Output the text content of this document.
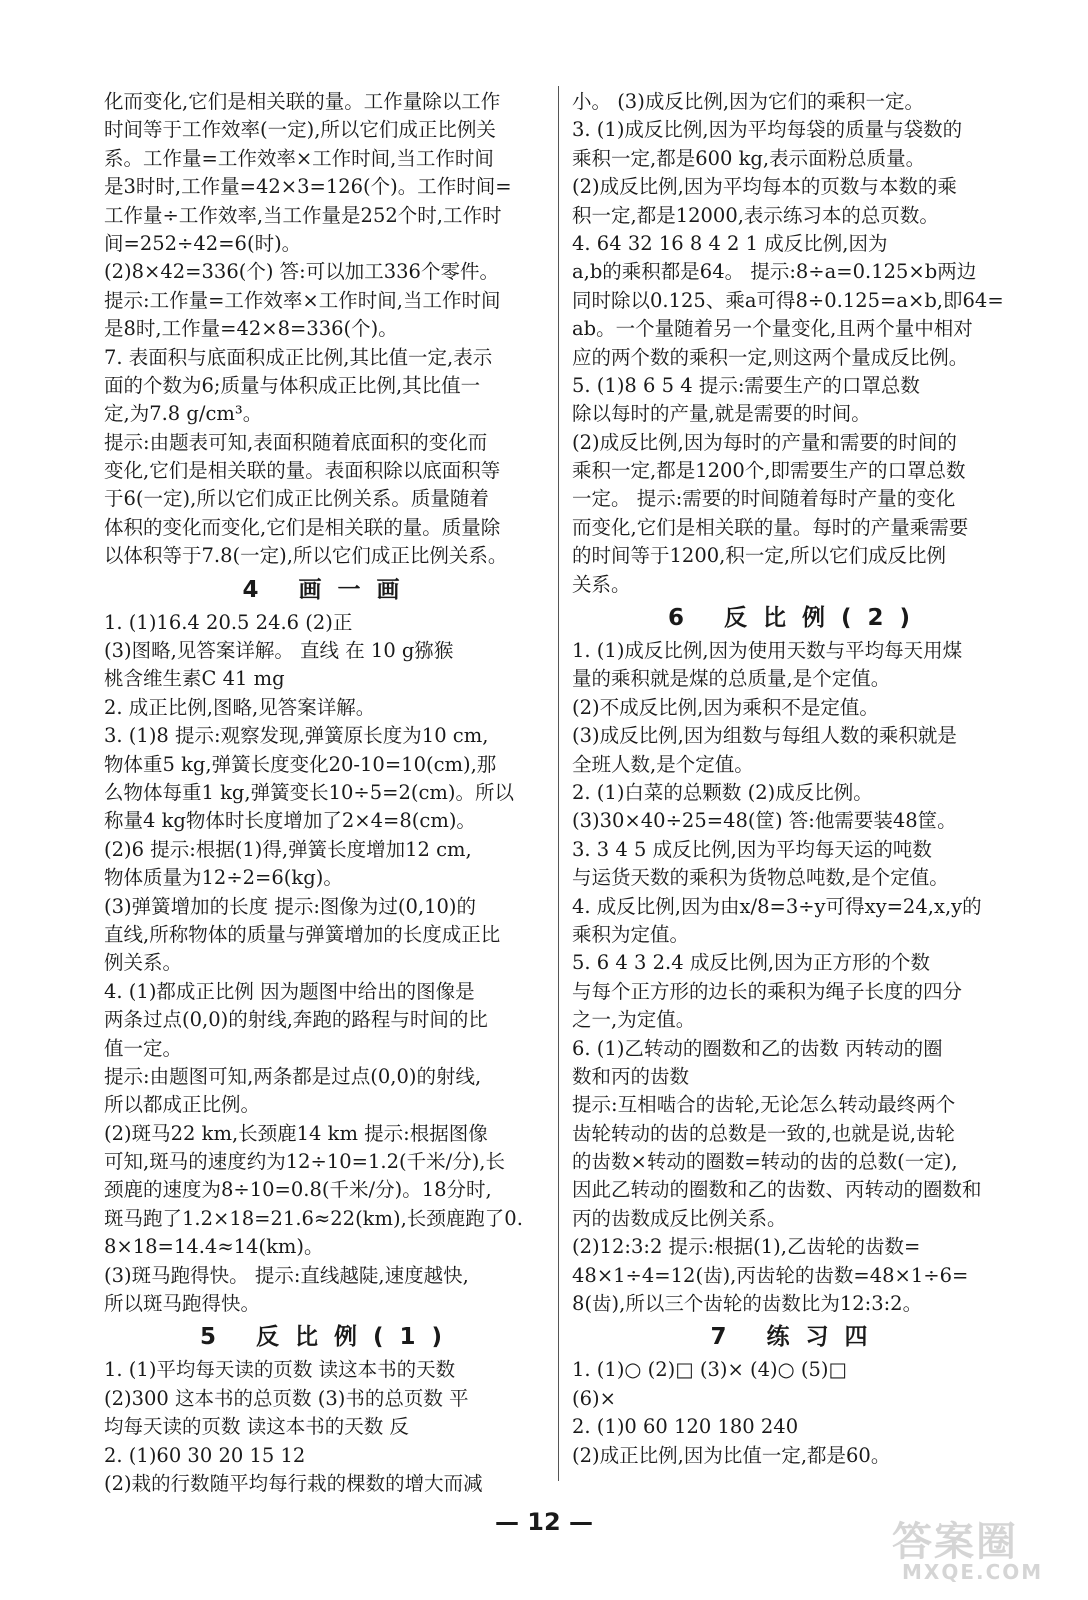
化而变化,它们是相关联的量。工作量除以工作
时间等于工作效率(一定),所以它们成正比例关
系。工作量=工作效率×工作时间,当工作时间
是3时时,工作量=42×3=126(个)。工作时间=
工作量÷工作效率,当工作量是252个时,工作时
间=252÷42=6(时)。
(2)8×42=336(个) 答:可以加工336个零件。
提示:工作量=工作效率×工作时间,当工作时间
是8时,工作量=42×8=336(个)。
7. 表面积与底面积成正比例,其比值一定,表示
面的个数为6;质量与体积成正比例,其比值一
定,为7.8 g/cm³。
提示:由题表可知,表面积随着底面积的变化而
变化,它们是相关联的量。表面积除以底面积等
于6(一定),所以它们成正比例关系。质量随着
体积的变化而变化,它们是相关联的量。质量除
以体积等于7.8(一定),所以它们成正比例关系。
4 画一画
1. (1)16.4 20.5 24.6 (2)正
(3)图略,见答案详解。 直线 在 10 g猕猴
桃含维生素C 41 mg
2. 成正比例,图略,见答案详解。
3. (1)8 提示:观察发现,弹簧原长度为10 cm,
物体重5 kg,弹簧长度变化20-10=10(cm),那
么物体每重1 kg,弹簧变长10÷5=2(cm)。所以
称量4 kg物体时长度增加了2×4=8(cm)。
(2)6 提示:根据(1)得,弹簧长度增加12 cm,
物体质量为12÷2=6(kg)。
(3)弹簧增加的长度 提示:图像为过(0,10)的
直线,所称物体的质量与弹簧增加的长度成正比
例关系。
4. (1)都成正比例 因为题图中给出的图像是
两条过点(0,0)的射线,奔跑的路程与时间的比
值一定。
提示:由题图可知,两条都是过点(0,0)的射线,
所以都成正比例。
(2)斑马22 km,长颈鹿14 km 提示:根据图像
可知,斑马的速度约为12÷10=1.2(千米/分),长
颈鹿的速度为8÷10=0.8(千米/分)。18分时,
斑马跑了1.2×18=21.6≈22(km),长颈鹿跑了0.
8×18=14.4≈14(km)。
(3)斑马跑得快。 提示:直线越陡,速度越快,
所以斑马跑得快。
5 反比例(1)
1. (1)平均每天读的页数 读这本书的天数
(2)300 这本书的总页数 (3)书的总页数 平
均每天读的页数 读这本书的天数 反
2. (1)60 30 20 15 12
(2)栽的行数随平均每行栽的棵数的增大而减
小。 (3)成反比例,因为它们的乘积一定。
3. (1)成反比例,因为平均每袋的质量与袋数的
乘积一定,都是600 kg,表示面粉总质量。
(2)成反比例,因为平均每本的页数与本数的乘
积一定,都是12000,表示练习本的总页数。
4. 64 32 16 8 4 2 1 成反比例,因为
a,b的乘积都是64。 提示:8÷a=0.125×b两边
同时除以0.125、乘a可得8÷0.125=a×b,即64=
ab。一个量随着另一个量变化,且两个量中相对
应的两个数的乘积一定,则这两个量成反比例。
5. (1)8 6 5 4 提示:需要生产的口罩总数
除以每时的产量,就是需要的时间。
(2)成反比例,因为每时的产量和需要的时间的
乘积一定,都是1200个,即需要生产的口罩总数
一定。 提示:需要的时间随着每时产量的变化
而变化,它们是相关联的量。每时的产量乘需要
的时间等于1200,积一定,所以它们成反比例
关系。
6 反比例(2)
1. (1)成反比例,因为使用天数与平均每天用煤
量的乘积就是煤的总质量,是个定值。
(2)不成反比例,因为乘积不是定值。
(3)成反比例,因为组数与每组人数的乘积就是
全班人数,是个定值。
2. (1)白菜的总颗数 (2)成反比例。
(3)30×40÷25=48(筐) 答:他需要装48筐。
3. 3 4 5 成反比例,因为平均每天运的吨数
与运货天数的乘积为货物总吨数,是个定值。
4. 成反比例,因为由x/8=3÷y可得xy=24,x,y的
乘积为定值。
5. 6 4 3 2.4 成反比例,因为正方形的个数
与每个正方形的边长的乘积为绳子长度的四分
之一,为定值。
6. (1)乙转动的圈数和乙的齿数 丙转动的圈
数和丙的齿数
提示:互相啮合的齿轮,无论怎么转动最终两个
齿轮转动的齿的总数是一致的,也就是说,齿轮
的齿数×转动的圈数=转动的齿的总数(一定),
因此乙转动的圈数和乙的齿数、丙转动的圈数和
丙的齿数成反比例关系。
(2)12:3:2 提示:根据(1),乙齿轮的齿数=
48×1÷4=12(齿),丙齿轮的齿数=48×1÷6=
8(齿),所以三个齿轮的齿数比为12:3:2。
7 练习四
1. (1)○ (2)□ (3)× (4)○ (5)□
(6)×
2. (1)0 60 120 180 240
(2)成正比例,因为比值一定,都是60。
— 12 —	答案圈
MXQE.COM
